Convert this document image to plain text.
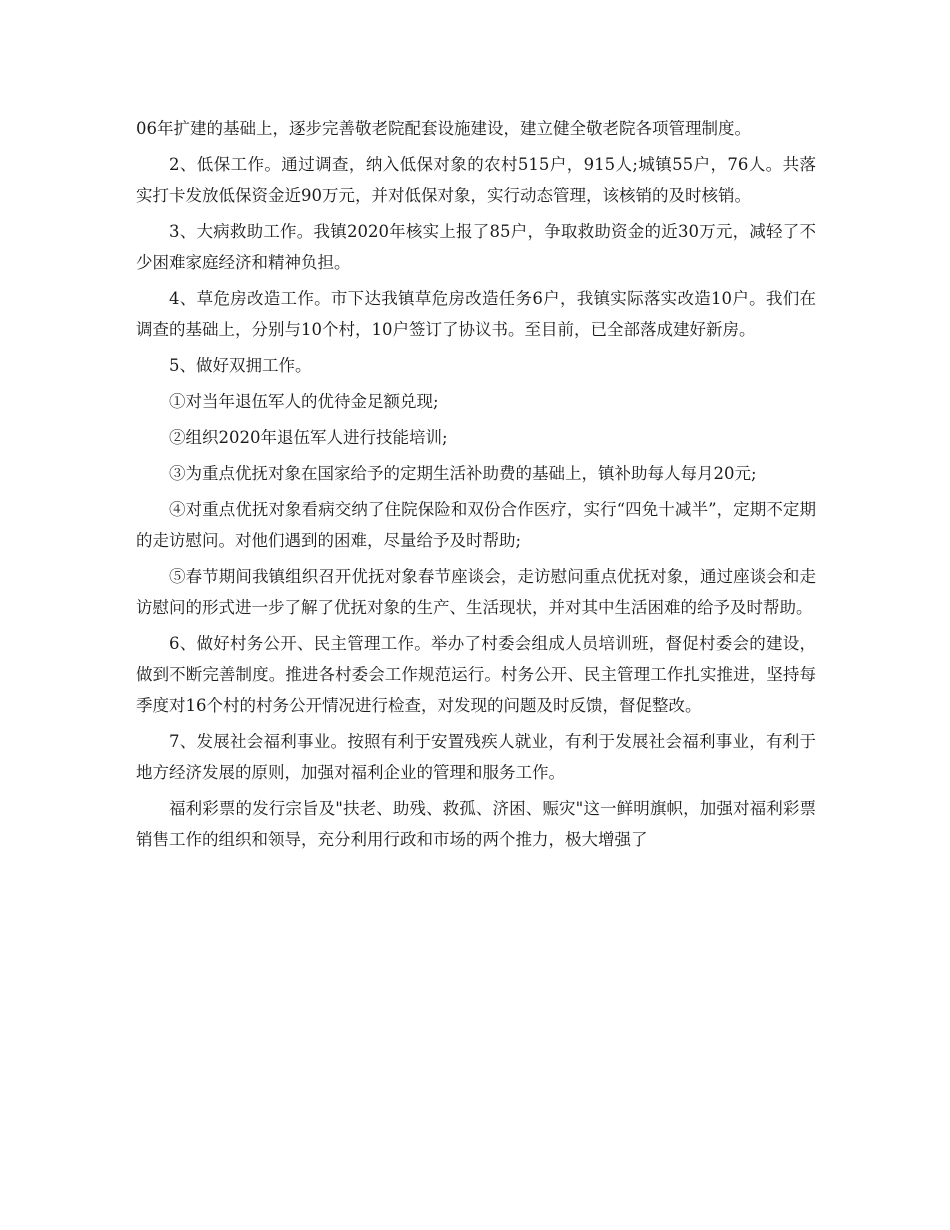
06年扩建的基础上，逐步完善敬老院配套设施建设，建立健全敬老院各项管理制度。

2、低保工作。通过调查，纳入低保对象的农村515户，915人;城镇55户，76人。共落实打卡发放低保资金近90万元，并对低保对象，实行动态管理，该核销的及时核销。

3、大病救助工作。我镇2020年核实上报了85户，争取救助资金的近30万元，减轻了不少困难家庭经济和精神负担。

4、草危房改造工作。市下达我镇草危房改造任务6户，我镇实际落实改造10户。我们在调查的基础上，分别与10个村，10户签订了协议书。至目前，已全部落成建好新房。

5、做好双拥工作。

①对当年退伍军人的优待金足额兑现;

②组织2020年退伍军人进行技能培训;

③为重点优抚对象在国家给予的定期生活补助费的基础上，镇补助每人每月20元;

④对重点优抚对象看病交纳了住院保险和双份合作医疗，实行“四免十减半”，定期不定期的走访慰问。对他们遇到的困难，尽量给予及时帮助;

⑤春节期间我镇组织召开优抚对象春节座谈会，走访慰问重点优抚对象，通过座谈会和走访慰问的形式进一步了解了优抚对象的生产、生活现状，并对其中生活困难的给予及时帮助。

6、做好村务公开、民主管理工作。举办了村委会组成人员培训班，督促村委会的建设，做到不断完善制度。推进各村委会工作规范运行。村务公开、民主管理工作扎实推进，坚持每季度对16个村的村务公开情况进行检查，对发现的问题及时反馈，督促整改。

7、发展社会福利事业。按照有利于安置残疾人就业，有利于发展社会福利事业，有利于地方经济发展的原则，加强对福利企业的管理和服务工作。

福利彩票的发行宗旨及"扶老、助残、救孤、济困、赈灾"这一鲜明旗帜，加强对福利彩票销售工作的组织和领导，充分利用行政和市场的两个推力，极大增强了
